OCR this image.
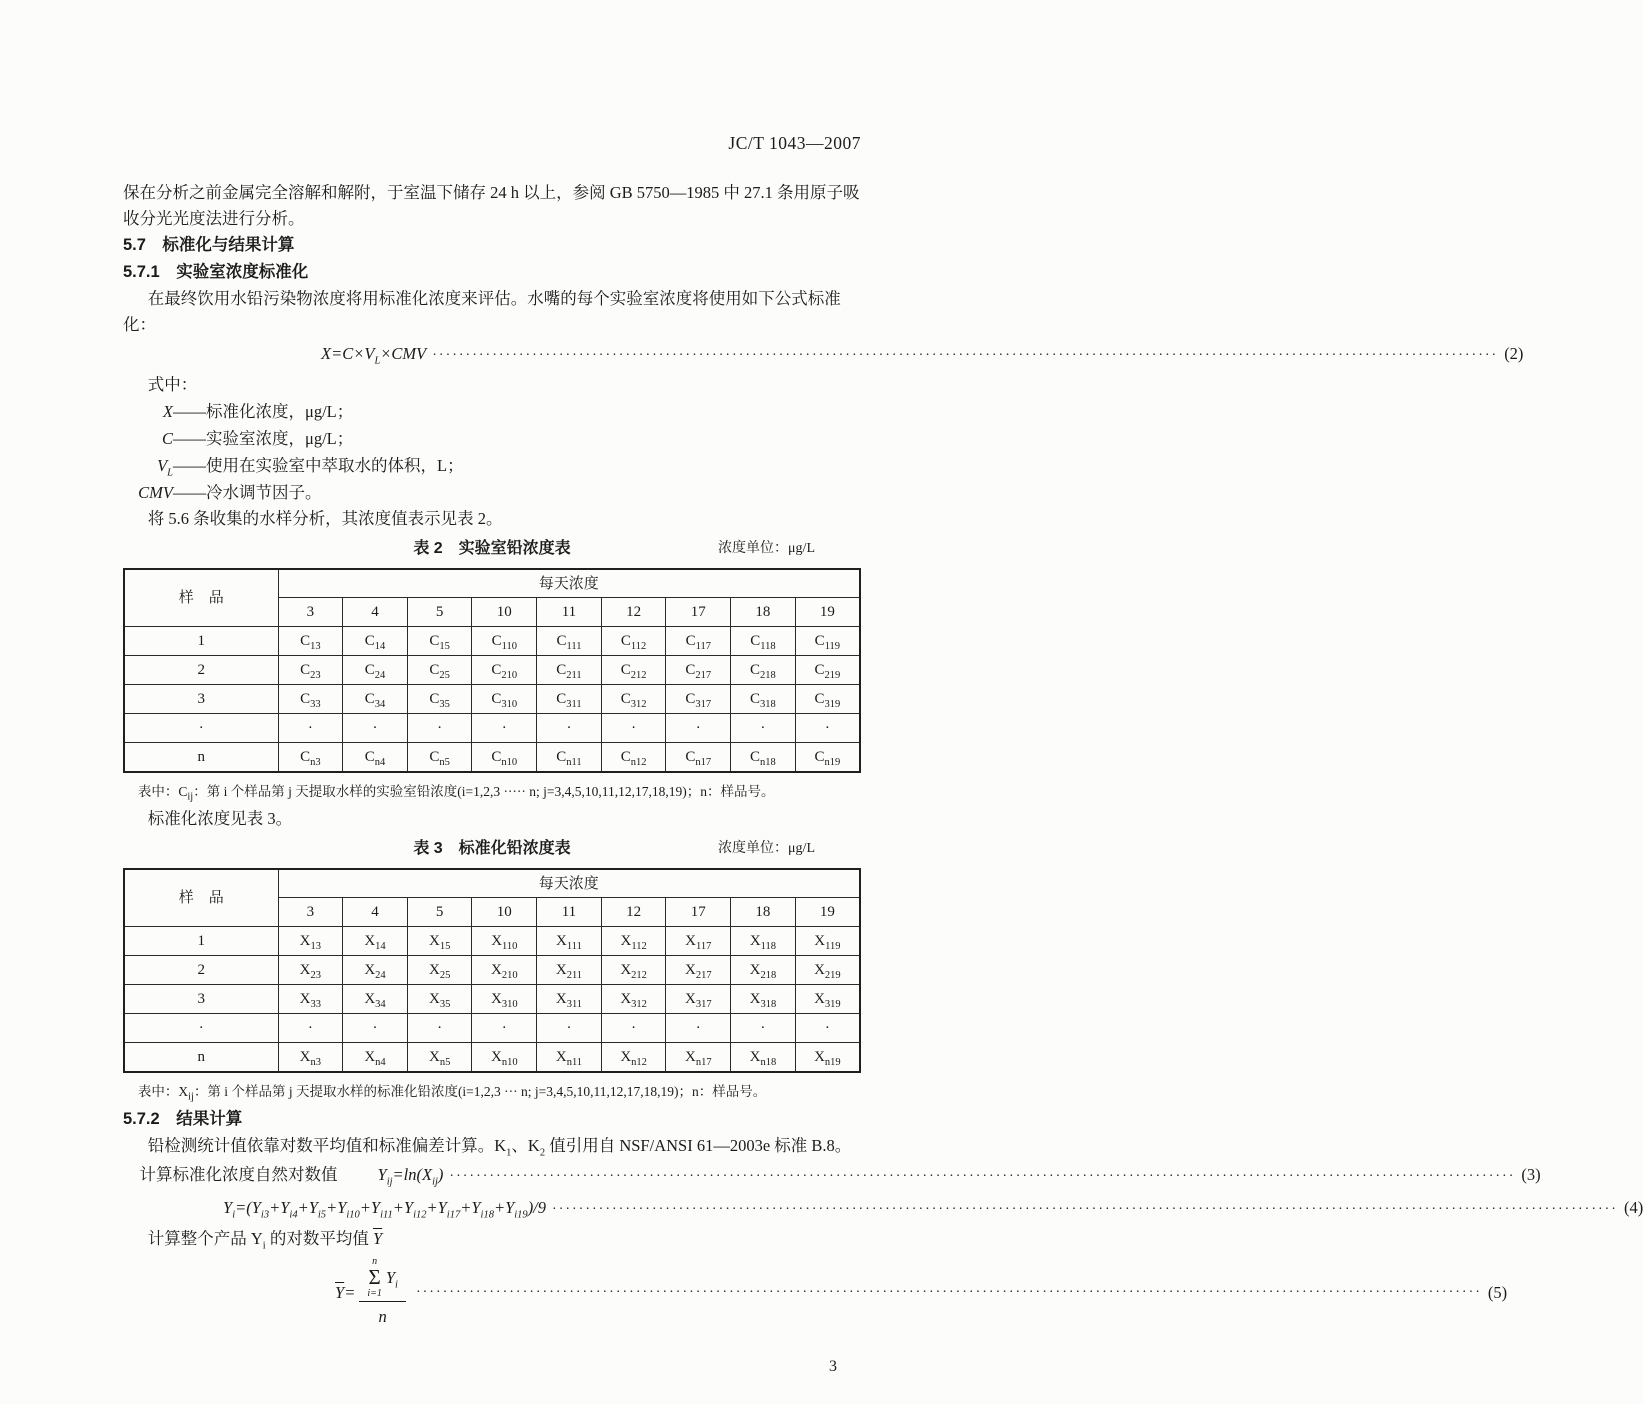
JC/T 1043—2007

保在分析之前金属完全溶解和解附，于室温下储存 24 h 以上，参阅 GB 5750—1985 中 27.1 条用原子吸收分光光度法进行分析。

5.7　标准化与结果计算

5.7.1　实验室浓度标准化

在最终饮用水铅污染物浓度将用标准化浓度来评估。水嘴的每个实验室浓度将使用如下公式标准化：

$X=C\times V_L\times CMV$ ································································································································································ (2)
式中：
X —— 标准化浓度，μg/L；
C —— 实验室浓度，μg/L；
$V_L$ —— 使用在实验室中萃取水的体积，L；
CMV —— 冷水调节因子。

将 5.6 条收集的水样分析，其浓度值表示见表 2。

表 2　实验室铅浓度表	浓度单位：μg/L
样　品	每天浓度								
	3	4	5	10	11	12	17	18	19
1	$C_{13}$	$C_{14}$	$C_{15}$	$C_{110}$	$C_{111}$	$C_{112}$	$C_{117}$	$C_{118}$	$C_{119}$
2	$C_{23}$	$C_{24}$	$C_{25}$	$C_{210}$	$C_{211}$	$C_{212}$	$C_{217}$	$C_{218}$	$C_{219}$
3	$C_{33}$	$C_{34}$	$C_{35}$	$C_{310}$	$C_{311}$	$C_{312}$	$C_{317}$	$C_{318}$	$C_{319}$
·	·	·	·	·	·	·	·	·	·
n	$C_{n3}$	$C_{n4}$	$C_{n5}$	$C_{n10}$	$C_{n11}$	$C_{n12}$	$C_{n17}$	$C_{n18}$	$C_{n19}$
表中：$C_{ij}$：第 i 个样品第 j 天提取水样的实验室铅浓度(i=1,2,3 ····· n; j=3,4,5,10,11,12,17,18,19)；n：样品号。

标准化浓度见表 3。

表 3　标准化铅浓度表	浓度单位：μg/L
样　品	每天浓度								
	3	4	5	10	11	12	17	18	19
1	$X_{13}$	$X_{14}$	$X_{15}$	$X_{110}$	$X_{111}$	$X_{112}$	$X_{117}$	$X_{118}$	$X_{119}$
2	$X_{23}$	$X_{24}$	$X_{25}$	$X_{210}$	$X_{211}$	$X_{212}$	$X_{217}$	$X_{218}$	$X_{219}$
3	$X_{33}$	$X_{34}$	$X_{35}$	$X_{310}$	$X_{311}$	$X_{312}$	$X_{317}$	$X_{318}$	$X_{319}$
·	·	·	·	·	·	·	·	·	·
n	$X_{n3}$	$X_{n4}$	$X_{n5}$	$X_{n10}$	$X_{n11}$	$X_{n12}$	$X_{n17}$	$X_{n18}$	$X_{n19}$
表中：$X_{ij}$：第 i 个样品第 j 天提取水样的标准化铅浓度(i=1,2,3 ··· n; j=3,4,5,10,11,12,17,18,19)；n：样品号。

5.7.2　结果计算

铅检测统计值依靠对数平均值和标准偏差计算。$K_1$、$K_2$ 值引用自 NSF/ANSI 61—2003e 标准 B.8。

计算标准化浓度自然对数值 $Y_{ij}=\ln(X_{ij})$ ································································································································································ (3)
$Y_i=(Y_{i3}+Y_{i4}+Y_{i5}+Y_{i10}+Y_{i11}+Y_{i12}+Y_{i17}+Y_{i18}+Y_{i19})/9$ ································································································································································ (4)

计算整个产品 $Y_i$ 的对数平均值 $\overline{Y}$

$\overline{Y}= n$
Σ
i=1
$Y_i$
n ································································································································································ (5)
3
